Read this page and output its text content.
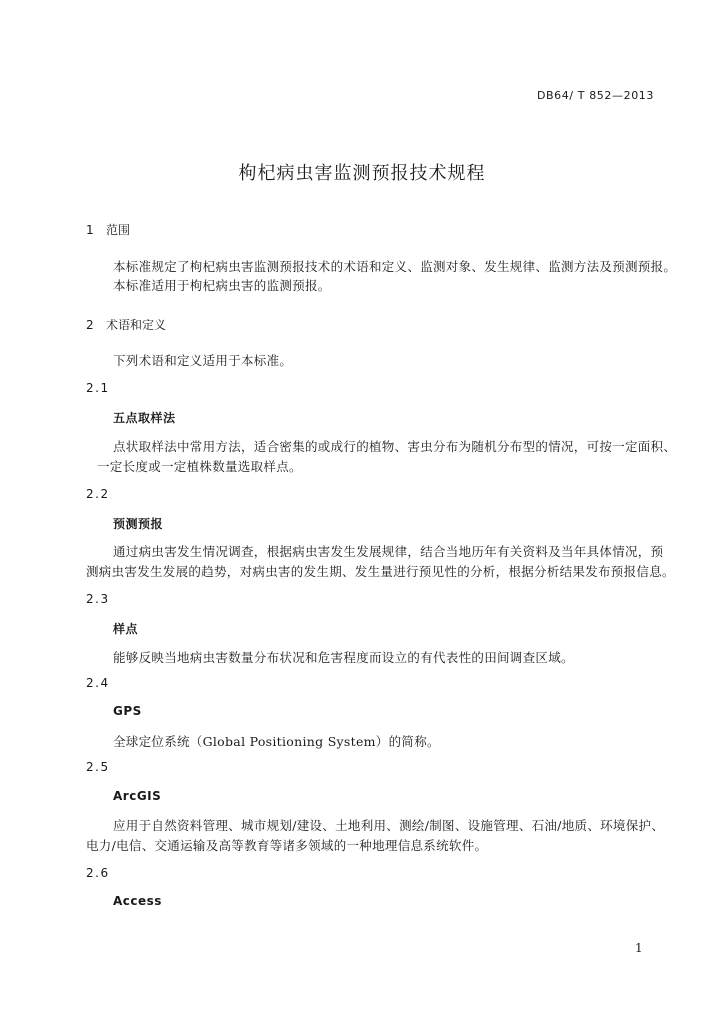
DB64/ T 852—2013
枸杞病虫害监测预报技术规程
1 范围

本标准规定了枸杞病虫害监测预报技术的术语和定义、监测对象、发生规律、监测方法及预测预报。

本标准适用于枸杞病虫害的监测预报。

2 术语和定义

下列术语和定义适用于本标准。

2.1
五点取样法

点状取样法中常用方法，适合密集的或成行的植物、害虫分布为随机分布型的情况，可按一定面积、

一定长度或一定植株数量选取样点。

2.2
预测预报

通过病虫害发生情况调查，根据病虫害发生发展规律，结合当地历年有关资料及当年具体情况，预

测病虫害发生发展的趋势，对病虫害的发生期、发生量进行预见性的分析，根据分析结果发布预报信息。

2.3
样点

能够反映当地病虫害数量分布状况和危害程度而设立的有代表性的田间调查区域。

2.4
GPS

全球定位系统（Global Positioning System）的简称。

2.5
ArcGIS

应用于自然资料管理、城市规划/建设、土地利用、测绘/制图、设施管理、石油/地质、环境保护、

电力/电信、交通运输及高等教育等诸多领域的一种地理信息系统软件。

2.6
Access
1
